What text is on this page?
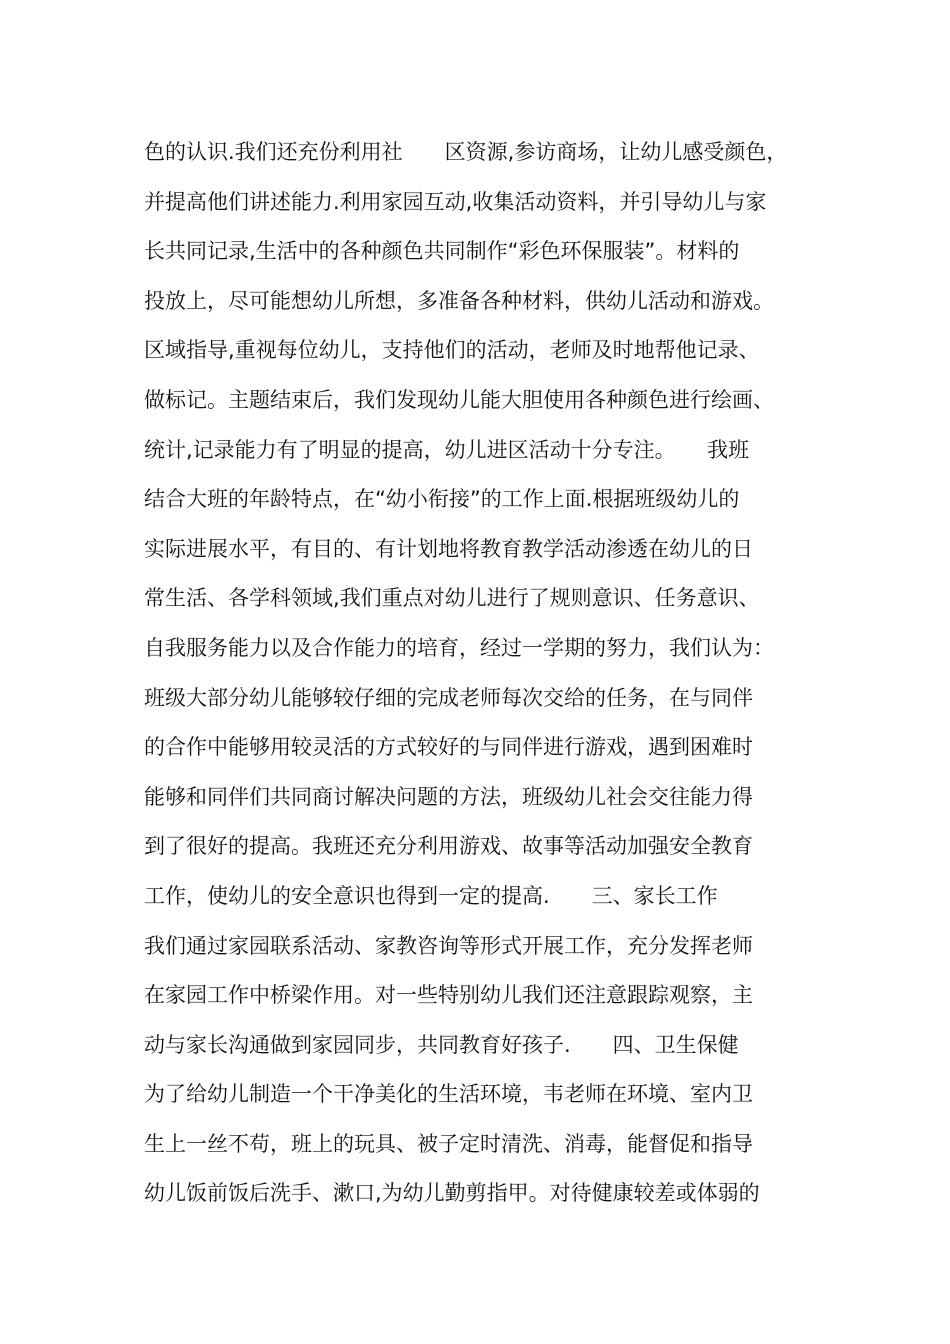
色的认识.我们还充份利用社　　区资源,参访商场，让幼儿感受颜色，
并提高他们讲述能力.利用家园互动,收集活动资料，并引导幼儿与家
长共同记录,生活中的各种颜色共同制作“彩色环保服装”。材料的
投放上，尽可能想幼儿所想，多准备各种材料，供幼儿活动和游戏。
区域指导,重视每位幼儿，支持他们的活动，老师及时地帮他记录、
做标记。主题结束后，我们发现幼儿能大胆使用各种颜色进行绘画、
统计,记录能力有了明显的提高，幼儿进区活动十分专注。　　我班
结合大班的年龄特点，在“幼小衔接”的工作上面.根据班级幼儿的
实际进展水平，有目的、有计划地将教育教学活动渗透在幼儿的日
常生活、各学科领域,我们重点对幼儿进行了规则意识、任务意识、
自我服务能力以及合作能力的培育，经过一学期的努力，我们认为：
班级大部分幼儿能够较仔细的完成老师每次交给的任务，在与同伴
的合作中能够用较灵活的方式较好的与同伴进行游戏，遇到困难时
能够和同伴们共同商讨解决问题的方法，班级幼儿社会交往能力得
到了很好的提高。我班还充分利用游戏、故事等活动加强安全教育
工作，使幼儿的安全意识也得到一定的提高.　　三、家长工作
我们通过家园联系活动、家教咨询等形式开展工作，充分发挥老师
在家园工作中桥梁作用。对一些特别幼儿我们还注意跟踪观察，主
动与家长沟通做到家园同步，共同教育好孩子.　　四、卫生保健
为了给幼儿制造一个干净美化的生活环境，韦老师在环境、室内卫
生上一丝不苟，班上的玩具、被子定时清洗、消毒，能督促和指导
幼儿饭前饭后洗手、漱口,为幼儿勤剪指甲。对待健康较差或体弱的
